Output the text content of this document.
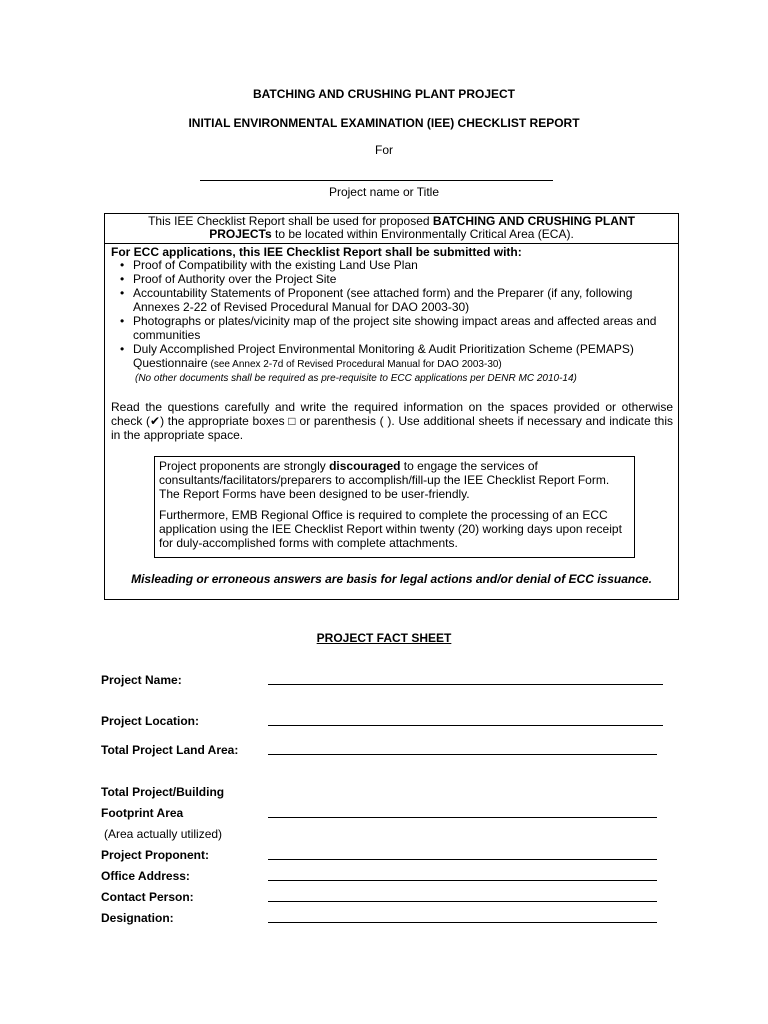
BATCHING AND CRUSHING PLANT PROJECT
INITIAL ENVIRONMENTAL EXAMINATION (IEE) CHECKLIST REPORT
For
Project name or Title
This IEE Checklist Report shall be used for proposed BATCHING AND CRUSHING PLANT
PROJECTs to be located within Environmentally Critical Area (ECA).
For ECC applications, this IEE Checklist Report shall be submitted with:
• Proof of Compatibility with the existing Land Use Plan
• Proof of Authority over the Project Site
• Accountability Statements of Proponent (see attached form) and the Preparer (if any, following Annexes 2-22 of Revised Procedural Manual for DAO 2003-30)
• Photographs or plates/vicinity map of the project site showing impact areas and affected areas and communities
• Duly Accomplished Project Environmental Monitoring & Audit Prioritization Scheme (PEMAPS) Questionnaire (see Annex 2-7d of Revised Procedural Manual for DAO 2003-30)
(No other documents shall be required as pre-requisite to ECC applications per DENR MC 2010-14)
Read the questions carefully and write the required information on the spaces provided or otherwise check (✔) the appropriate boxes □ or parenthesis ( ). Use additional sheets if necessary and indicate this in the appropriate space.

Project proponents are strongly discouraged to engage the services of consultants/facilitators/preparers to accomplish/fill-up the IEE Checklist Report Form. The Report Forms have been designed to be user-friendly.

Furthermore, EMB Regional Office is required to complete the processing of an ECC application using the IEE Checklist Report within twenty (20) working days upon receipt for duly-accomplished forms with complete attachments.

Misleading or erroneous answers are basis for legal actions and/or denial of ECC issuance.
PROJECT FACT SHEET
Project Name:
Project Location:
Total Project Land Area:
Total Project/Building
Footprint Area
(Area actually utilized)
Project Proponent:
Office Address:
Contact Person:
Designation:
